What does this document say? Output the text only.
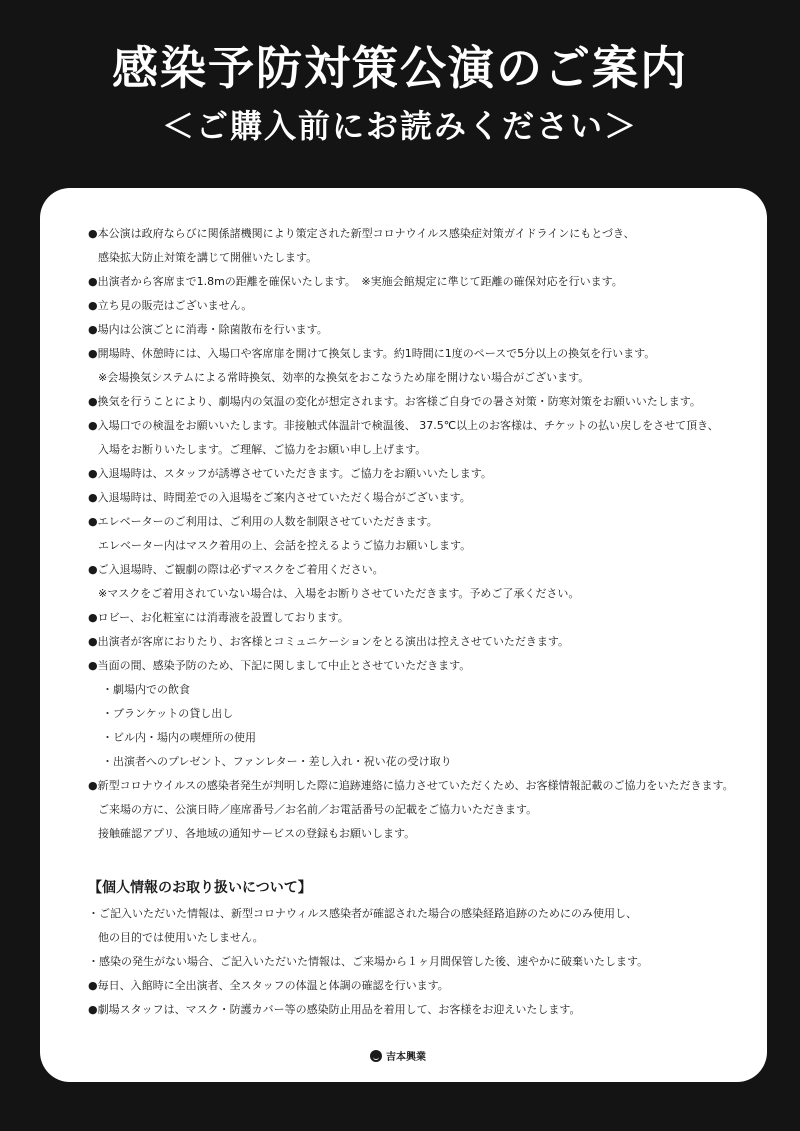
感染予防対策公演のご案内
＜ご購入前にお読みください＞
●本公演は政府ならびに関係諸機関により策定された新型コロナウイルス感染症対策ガイドラインにもとづき、
感染拡大防止対策を講じて開催いたします。
●出演者から客席まで1.8mの距離を確保いたします。　※実施会館規定に準じて距離の確保対応を行います。
●立ち見の販売はございません。
●場内は公演ごとに消毒・除菌散布を行います。
●開場時、休憩時には、入場口や客席扉を開けて換気します。約1時間に1度のペースで5分以上の換気を行います。
※会場換気システムによる常時換気、効率的な換気をおこなうため扉を開けない場合がございます。
●換気を行うことにより、劇場内の気温の変化が想定されます。お客様ご自身での暑さ対策・防寒対策をお願いいたします。
●入場口での検温をお願いいたします。非接触式体温計で検温後、 37.5℃以上のお客様は、チケットの払い戻しをさせて頂き、
入場をお断りいたします。ご理解、ご協力をお願い申し上げます。
●入退場時は、スタッフが誘導させていただきます。ご協力をお願いいたします。
●入退場時は、時間差での入退場をご案内させていただく場合がございます。
●エレベーターのご利用は、ご利用の人数を制限させていただきます。
エレベーター内はマスク着用の上、会話を控えるようご協力お願いします。
●ご入退場時、ご観劇の際は必ずマスクをご着用ください。
※マスクをご着用されていない場合は、入場をお断りさせていただきます。予めご了承ください。
●ロビー、お化粧室には消毒液を設置しております。
●出演者が客席におりたり、お客様とコミュニケーションをとる演出は控えさせていただきます。
●当面の間、感染予防のため、下記に関しまして中止とさせていただきます。
・劇場内での飲食
・ブランケットの貸し出し
・ビル内・場内の喫煙所の使用
・出演者へのプレゼント、ファンレター・差し入れ・祝い花の受け取り
●新型コロナウイルスの感染者発生が判明した際に追跡連絡に協力させていただくため、お客様情報記載のご協力をいただきます。
ご来場の方に、公演日時／座席番号／お名前／お電話番号の記載をご協力いただきます。
接触確認アプリ、各地域の通知サービスの登録もお願いします。
【個人情報のお取り扱いについて】
・ご記入いただいた情報は、新型コロナウィルス感染者が確認された場合の感染経路追跡のためにのみ使用し、
他の目的では使用いたしません。
・感染の発生がない場合、ご記入いただいた情報は、ご来場から１ヶ月間保管した後、速やかに破棄いたします。
●毎日、入館時に全出演者、全スタッフの体温と体調の確認を行います。
●劇場スタッフは、マスク・防護カバー等の感染防止用品を着用して、お客様をお迎えいたします。
吉本興業
